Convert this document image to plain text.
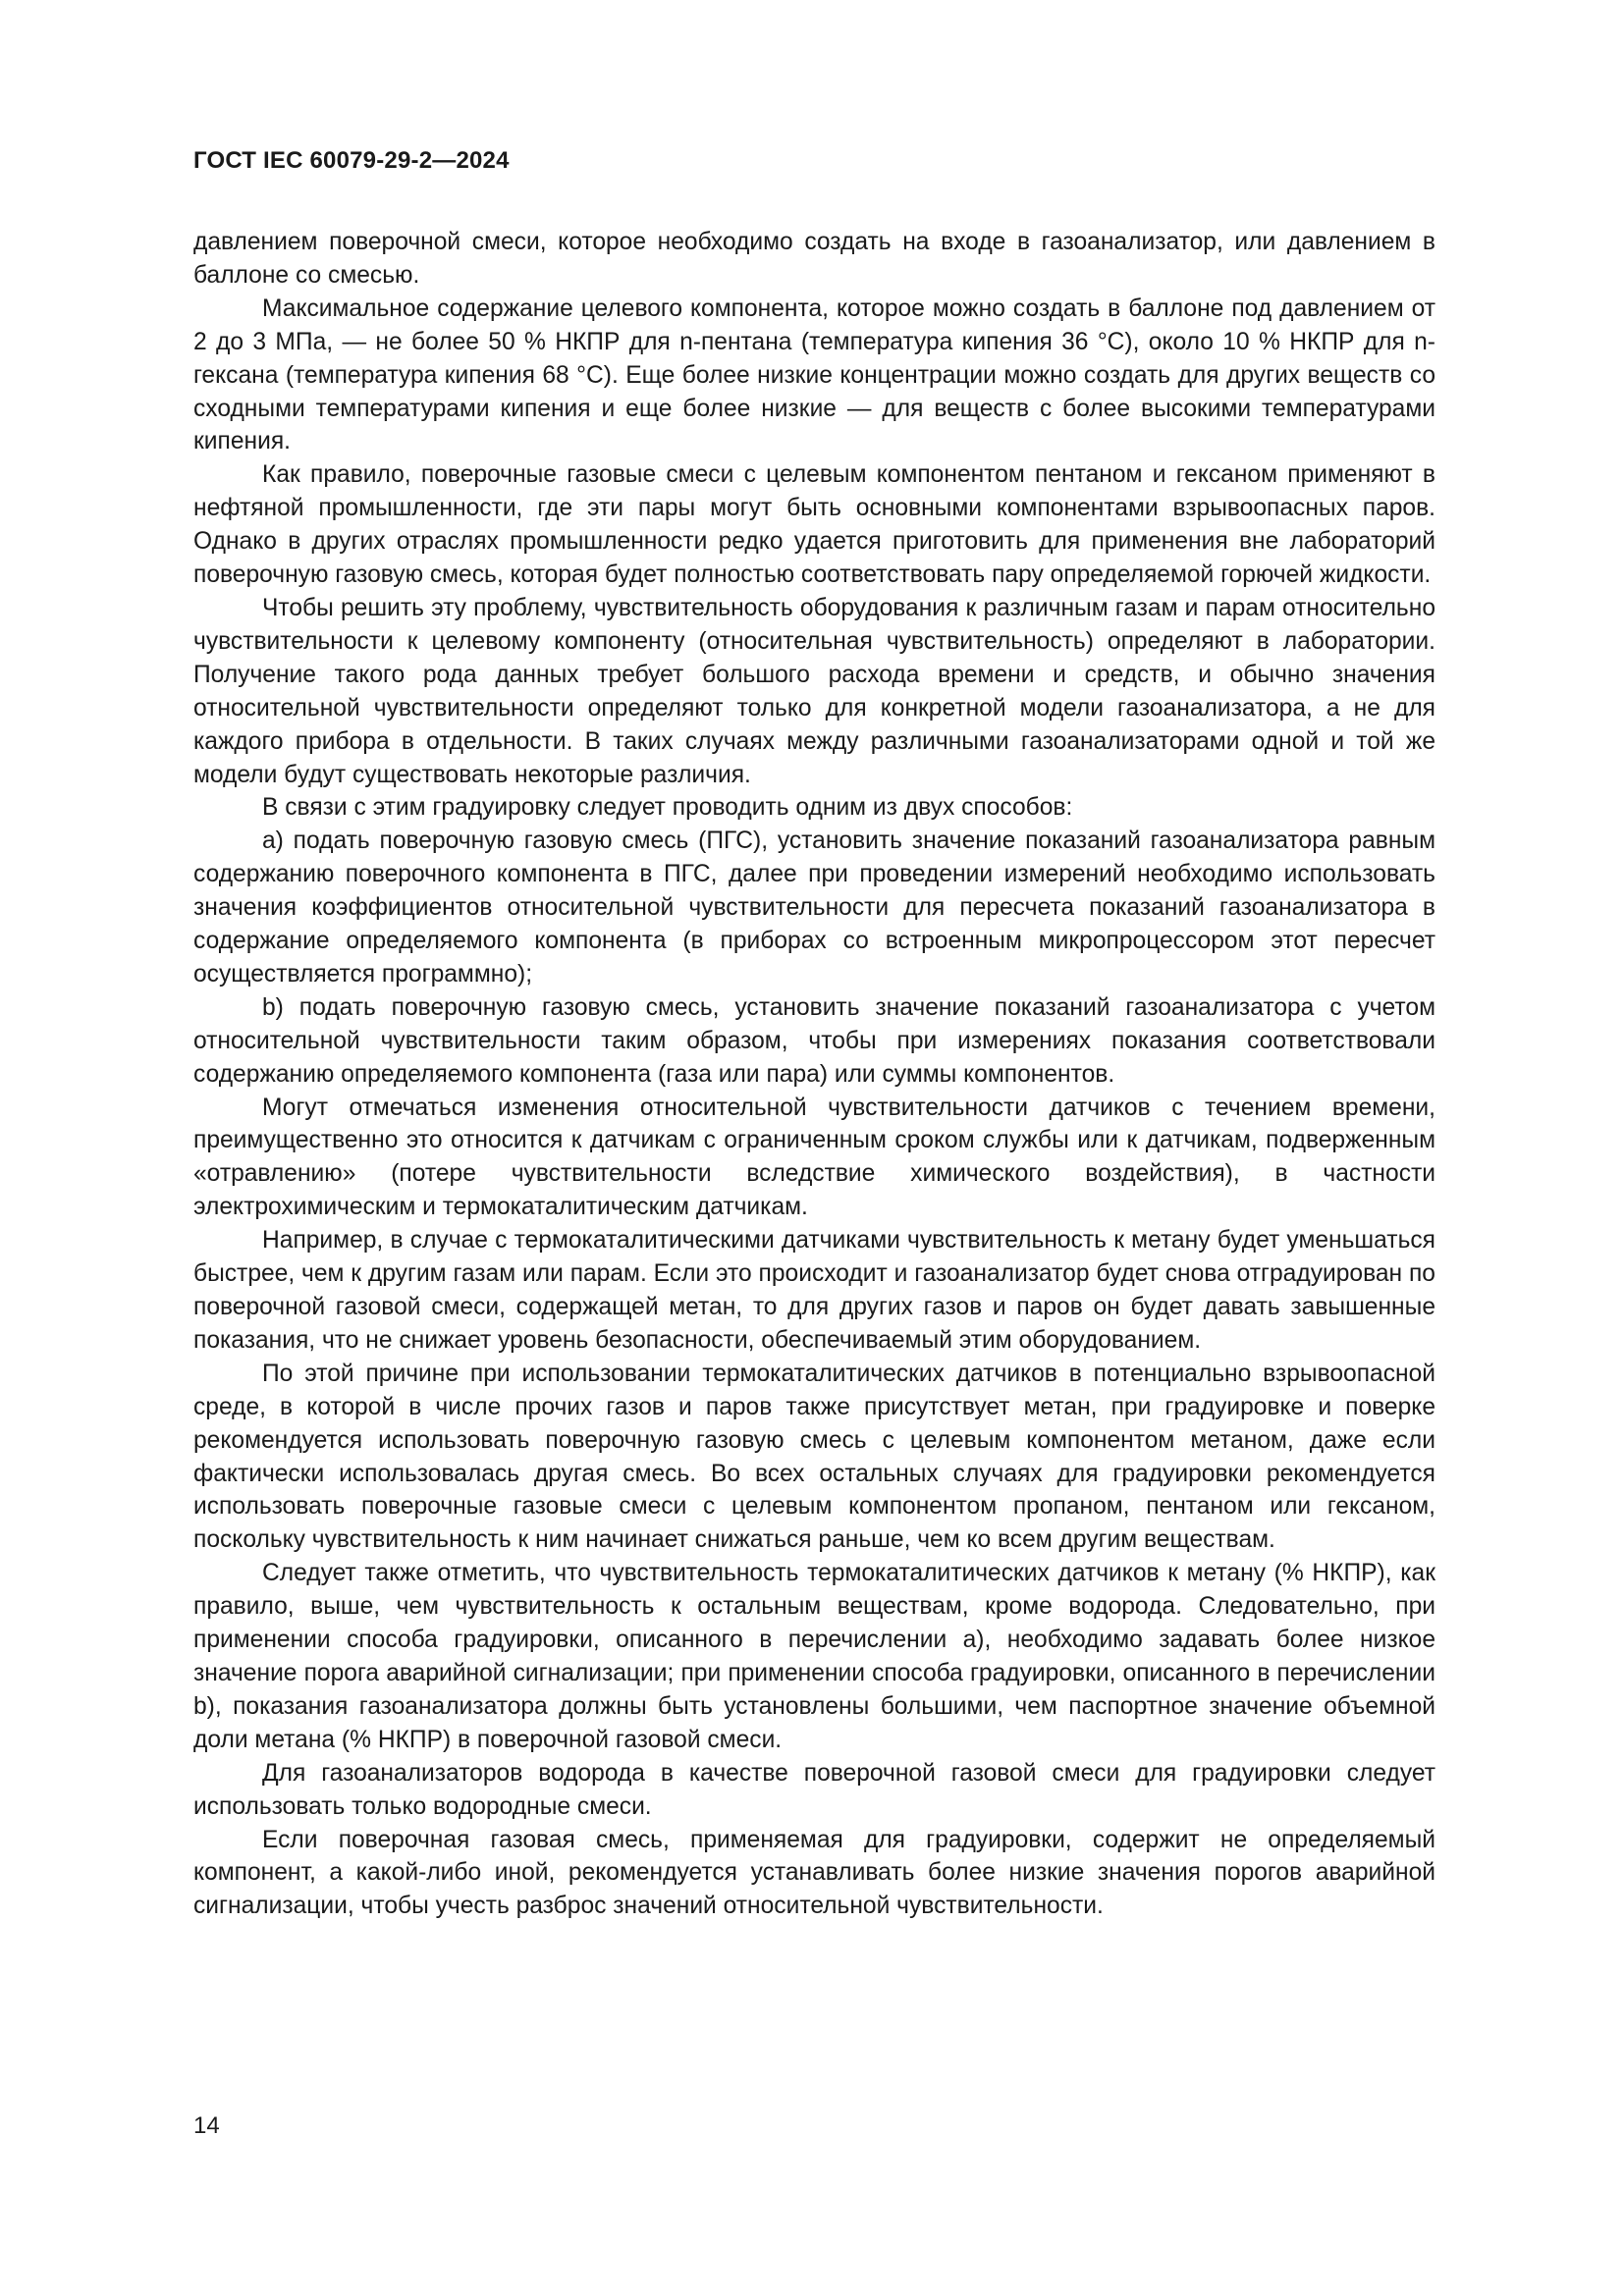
ГОСТ IEC 60079-29-2—2024

давлением поверочной смеси, которое необходимо создать на входе в газоанализатор, или давлением в баллоне со смесью.

Максимальное содержание целевого компонента, которое можно создать в баллоне под давлением от 2 до 3 МПа, — не более 50 % НКПР для n-пентана (температура кипения 36 °С), около 10 % НКПР для n-гексана (температура кипения 68 °С). Еще более низкие концентрации можно создать для других веществ со сходными температурами кипения и еще более низкие — для веществ с более высокими температурами кипения.

Как правило, поверочные газовые смеси с целевым компонентом пентаном и гексаном применяют в нефтяной промышленности, где эти пары могут быть основными компонентами взрывоопасных паров. Однако в других отраслях промышленности редко удается приготовить для применения вне лабораторий поверочную газовую смесь, которая будет полностью соответствовать пару определяемой горючей жидкости.

Чтобы решить эту проблему, чувствительность оборудования к различным газам и парам относительно чувствительности к целевому компоненту (относительная чувствительность) определяют в лаборатории. Получение такого рода данных требует большого расхода времени и средств, и обычно значения относительной чувствительности определяют только для конкретной модели газоанализатора, а не для каждого прибора в отдельности. В таких случаях между различными газоанализаторами одной и той же модели будут существовать некоторые различия.

В связи с этим градуировку следует проводить одним из двух способов:

а) подать поверочную газовую смесь (ПГС), установить значение показаний газоанализатора равным содержанию поверочного компонента в ПГС, далее при проведении измерений необходимо использовать значения коэффициентов относительной чувствительности для пересчета показаний газоанализатора в содержание определяемого компонента (в приборах со встроенным микропроцессором этот пересчет осуществляется программно);

b) подать поверочную газовую смесь, установить значение показаний газоанализатора с учетом относительной чувствительности таким образом, чтобы при измерениях показания соответствовали содержанию определяемого компонента (газа или пара) или суммы компонентов.

Могут отмечаться изменения относительной чувствительности датчиков с течением времени, преимущественно это относится к датчикам с ограниченным сроком службы или к датчикам, подверженным «отравлению» (потере чувствительности вследствие химического воздействия), в частности электрохимическим и термокаталитическим датчикам.

Например, в случае с термокаталитическими датчиками чувствительность к метану будет уменьшаться быстрее, чем к другим газам или парам. Если это происходит и газоанализатор будет снова отградуирован по поверочной газовой смеси, содержащей метан, то для других газов и паров он будет давать завышенные показания, что не снижает уровень безопасности, обеспечиваемый этим оборудованием.

По этой причине при использовании термокаталитических датчиков в потенциально взрывоопасной среде, в которой в числе прочих газов и паров также присутствует метан, при градуировке и поверке рекомендуется использовать поверочную газовую смесь с целевым компонентом метаном, даже если фактически использовалась другая смесь. Во всех остальных случаях для градуировки рекомендуется использовать поверочные газовые смеси с целевым компонентом пропаном, пентаном или гексаном, поскольку чувствительность к ним начинает снижаться раньше, чем ко всем другим веществам.

Следует также отметить, что чувствительность термокаталитических датчиков к метану (% НКПР), как правило, выше, чем чувствительность к остальным веществам, кроме водорода. Следовательно, при применении способа градуировки, описанного в перечислении а), необходимо задавать более низкое значение порога аварийной сигнализации; при применении способа градуировки, описанного в перечислении b), показания газоанализатора должны быть установлены большими, чем паспортное значение объемной доли метана (% НКПР) в поверочной газовой смеси.

Для газоанализаторов водорода в качестве поверочной газовой смеси для градуировки следует использовать только водородные смеси.

Если поверочная газовая смесь, применяемая для градуировки, содержит не определяемый компонент, а какой-либо иной, рекомендуется устанавливать более низкие значения порогов аварийной сигнализации, чтобы учесть разброс значений относительной чувствительности.

14
